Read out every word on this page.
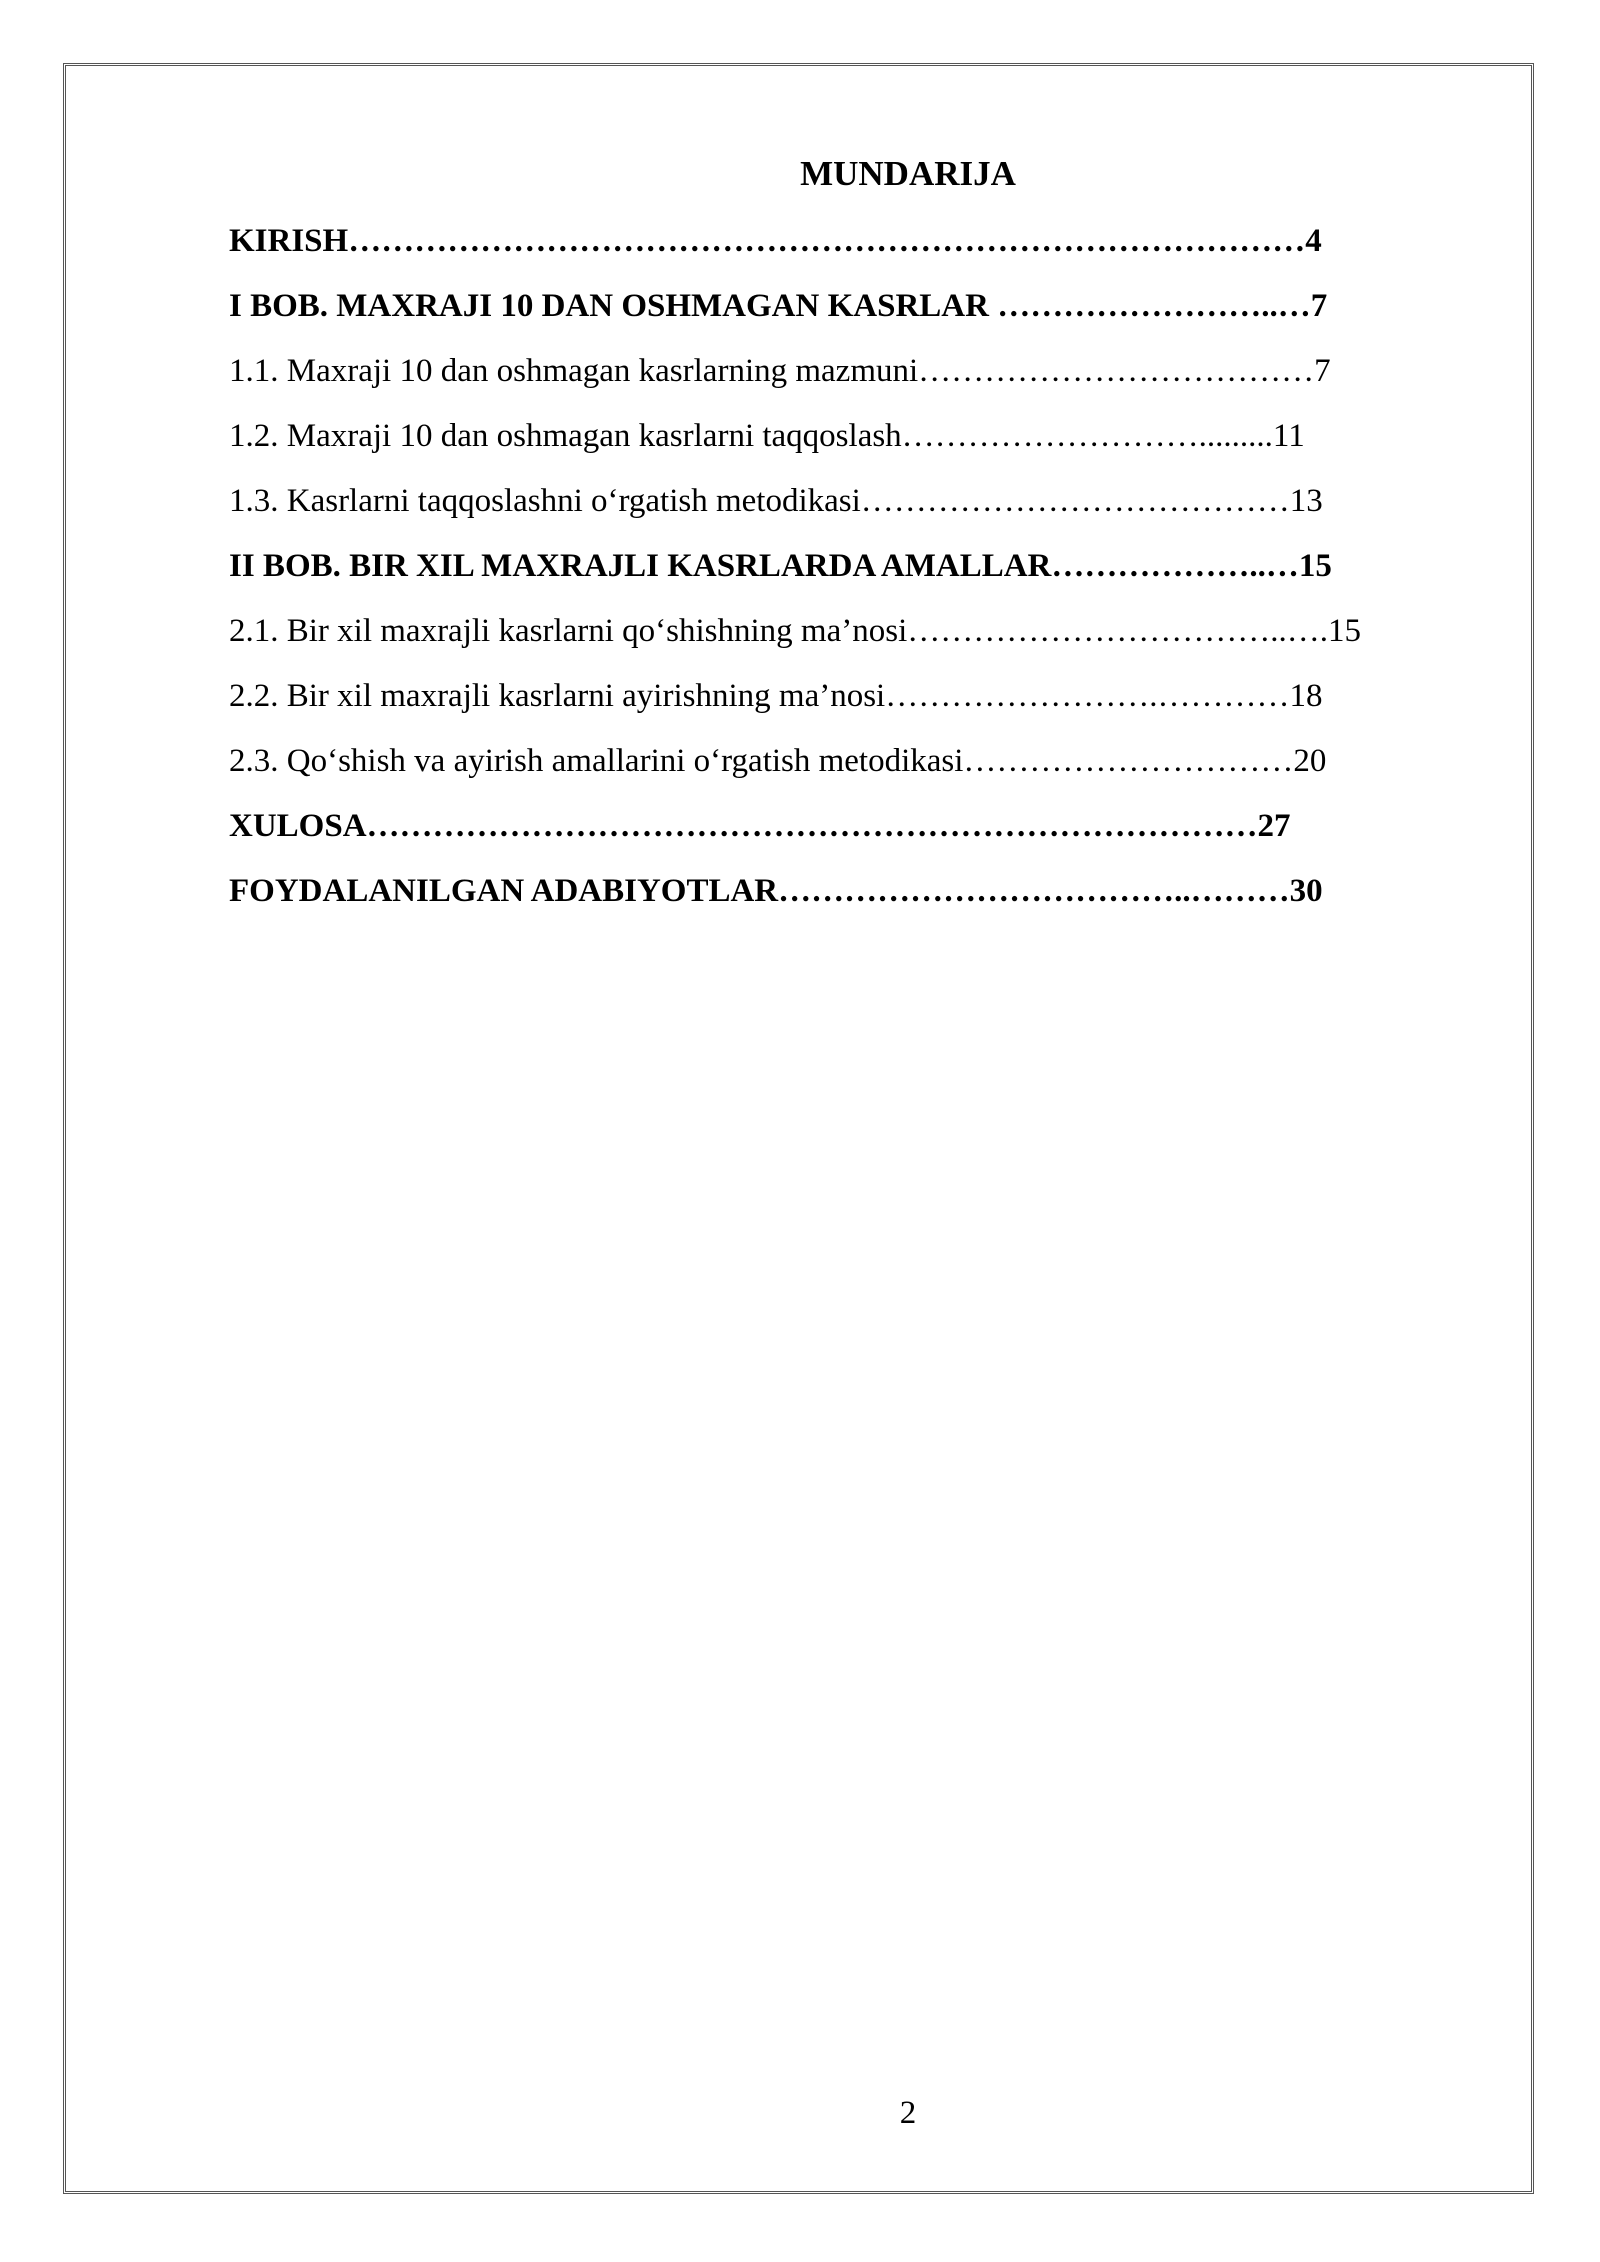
MUNDARIJA
KIRISH……………………………………………………………………………4
I BOB. MAXRAJI 10 DAN OSHMAGAN KASRLAR ……………………..…7
1.1. Maxraji 10 dan oshmagan kasrlarning mazmuni………………………………7
1.2. Maxraji 10 dan oshmagan kasrlarni taqqoslash……………………….........11
1.3. Kasrlarni taqqoslashni o‘rgatish metodikasi…………………………………13
II BOB. BIR XIL MAXRAJLI KASRLARDA AMALLAR………………..…15
2.1. Bir xil maxrajli kasrlarni qo‘shishning ma’nosi……………………………..….15
2.2. Bir xil maxrajli kasrlarni ayirishning ma’nosi…………………….…………18
2.3. Qo‘shish va ayirish amallarini o‘rgatish metodikasi…………………………20
XULOSA………………………………………………………………………27
FOYDALANILGAN ADABIYOTLAR………………………………..………30
2
